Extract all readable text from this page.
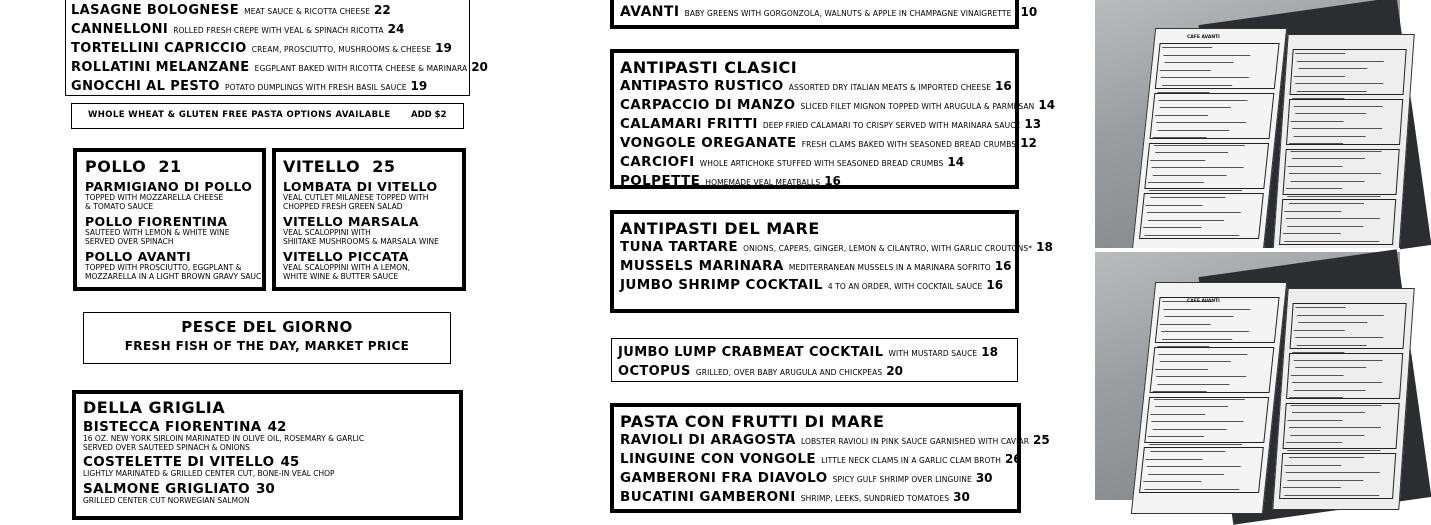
LASAGNE BOLOGNESE MEAT SAUCE & RICOTTA CHEESE 22
CANNELLONI ROLLED FRESH CREPE WITH VEAL & SPINACH RICOTTA 24
TORTELLINI CAPRICCIO CREAM, PROSCIUTTO, MUSHROOMS & CHEESE 19
ROLLATINI MELANZANE EGGPLANT BAKED WITH RICOTTA CHEESE & MARINARA 20
GNOCCHI AL PESTO POTATO DUMPLINGS WITH FRESH BASIL SAUCE 19
WHOLE WHEAT & GLUTEN FREE PASTA OPTIONS AVAILABLE ADD $2
POLLO 21
PARMIGIANO DI POLLO
TOPPED WITH MOZZARELLA CHEESE
& TOMATO SAUCE
POLLO FIORENTINA
SAUTEED WITH LEMON & WHITE WINE
SERVED OVER SPINACH
POLLO AVANTI
TOPPED WITH PROSCIUTTO, EGGPLANT &
MOZZARELLA IN A LIGHT BROWN GRAVY SAUCE
VITELLO 25
LOMBATA DI VITELLO
VEAL CUTLET MILANESE TOPPED WITH
CHOPPED FRESH GREEN SALAD
VITELLO MARSALA
VEAL SCALOPPINI WITH
SHIITAKE MUSHROOMS & MARSALA WINE
VITELLO PICCATA
VEAL SCALOPPINI WITH A LEMON,
WHITE WINE & BUTTER SAUCE
PESCE DEL GIORNO
FRESH FISH OF THE DAY, MARKET PRICE
DELLA GRIGLIA
BISTECCA FIORENTINA 42
16 OZ. NEW YORK SIRLOIN MARINATED IN OLIVE OIL, ROSEMARY & GARLIC
SERVED OVER SAUTEED SPINACH & ONIONS
COSTELETTE DI VITELLO 45
LIGHTLY MARINATED & GRILLED CENTER CUT, BONE-IN VEAL CHOP
SALMONE GRIGLIATO 30
GRILLED CENTER CUT NORWEGIAN SALMON
AVANTI BABY GREENS WITH GORGONZOLA, WALNUTS & APPLE IN CHAMPAGNE VINAIGRETTE 10
ANTIPASTI CLASICI
ANTIPASTO RUSTICO ASSORTED DRY ITALIAN MEATS & IMPORTED CHEESE 16
CARPACCIO DI MANZO SLICED FILET MIGNON TOPPED WITH ARUGULA & PARMESAN 14
CALAMARI FRITTI DEEP FRIED CALAMARI TO CRISPY SERVED WITH MARINARA SAUCE 13
VONGOLE OREGANATE FRESH CLAMS BAKED WITH SEASONED BREAD CRUMBS 12
CARCIOFI WHOLE ARTICHOKE STUFFED WITH SEASONED BREAD CRUMBS 14
POLPETTE HOMEMADE VEAL MEATBALLS 16
ANTIPASTI DEL MARE
TUNA TARTARE ONIONS, CAPERS, GINGER, LEMON & CILANTRO, WITH GARLIC CROUTONS* 18
MUSSELS MARINARA MEDITERRANEAN MUSSELS IN A MARINARA SOFRITO 16
JUMBO SHRIMP COCKTAIL 4 TO AN ORDER, WITH COCKTAIL SAUCE 16
JUMBO LUMP CRABMEAT COCKTAIL WITH MUSTARD SAUCE 18
OCTOPUS GRILLED, OVER BABY ARUGULA AND CHICKPEAS 20
PASTA CON FRUTTI DI MARE
RAVIOLI DI ARAGOSTA LOBSTER RAVIOLI IN PINK SAUCE GARNISHED WITH CAVIAR 25
LINGUINE CON VONGOLE LITTLE NECK CLAMS IN A GARLIC CLAM BROTH 26
GAMBERONI FRA DIAVOLO SPICY GULF SHRIMP OVER LINGUINE 30
BUCATINI GAMBERONI SHRIMP, LEEKS, SUNDRIED TOMATOES 30
CAFE AVANTI
CAFE AVANTI
